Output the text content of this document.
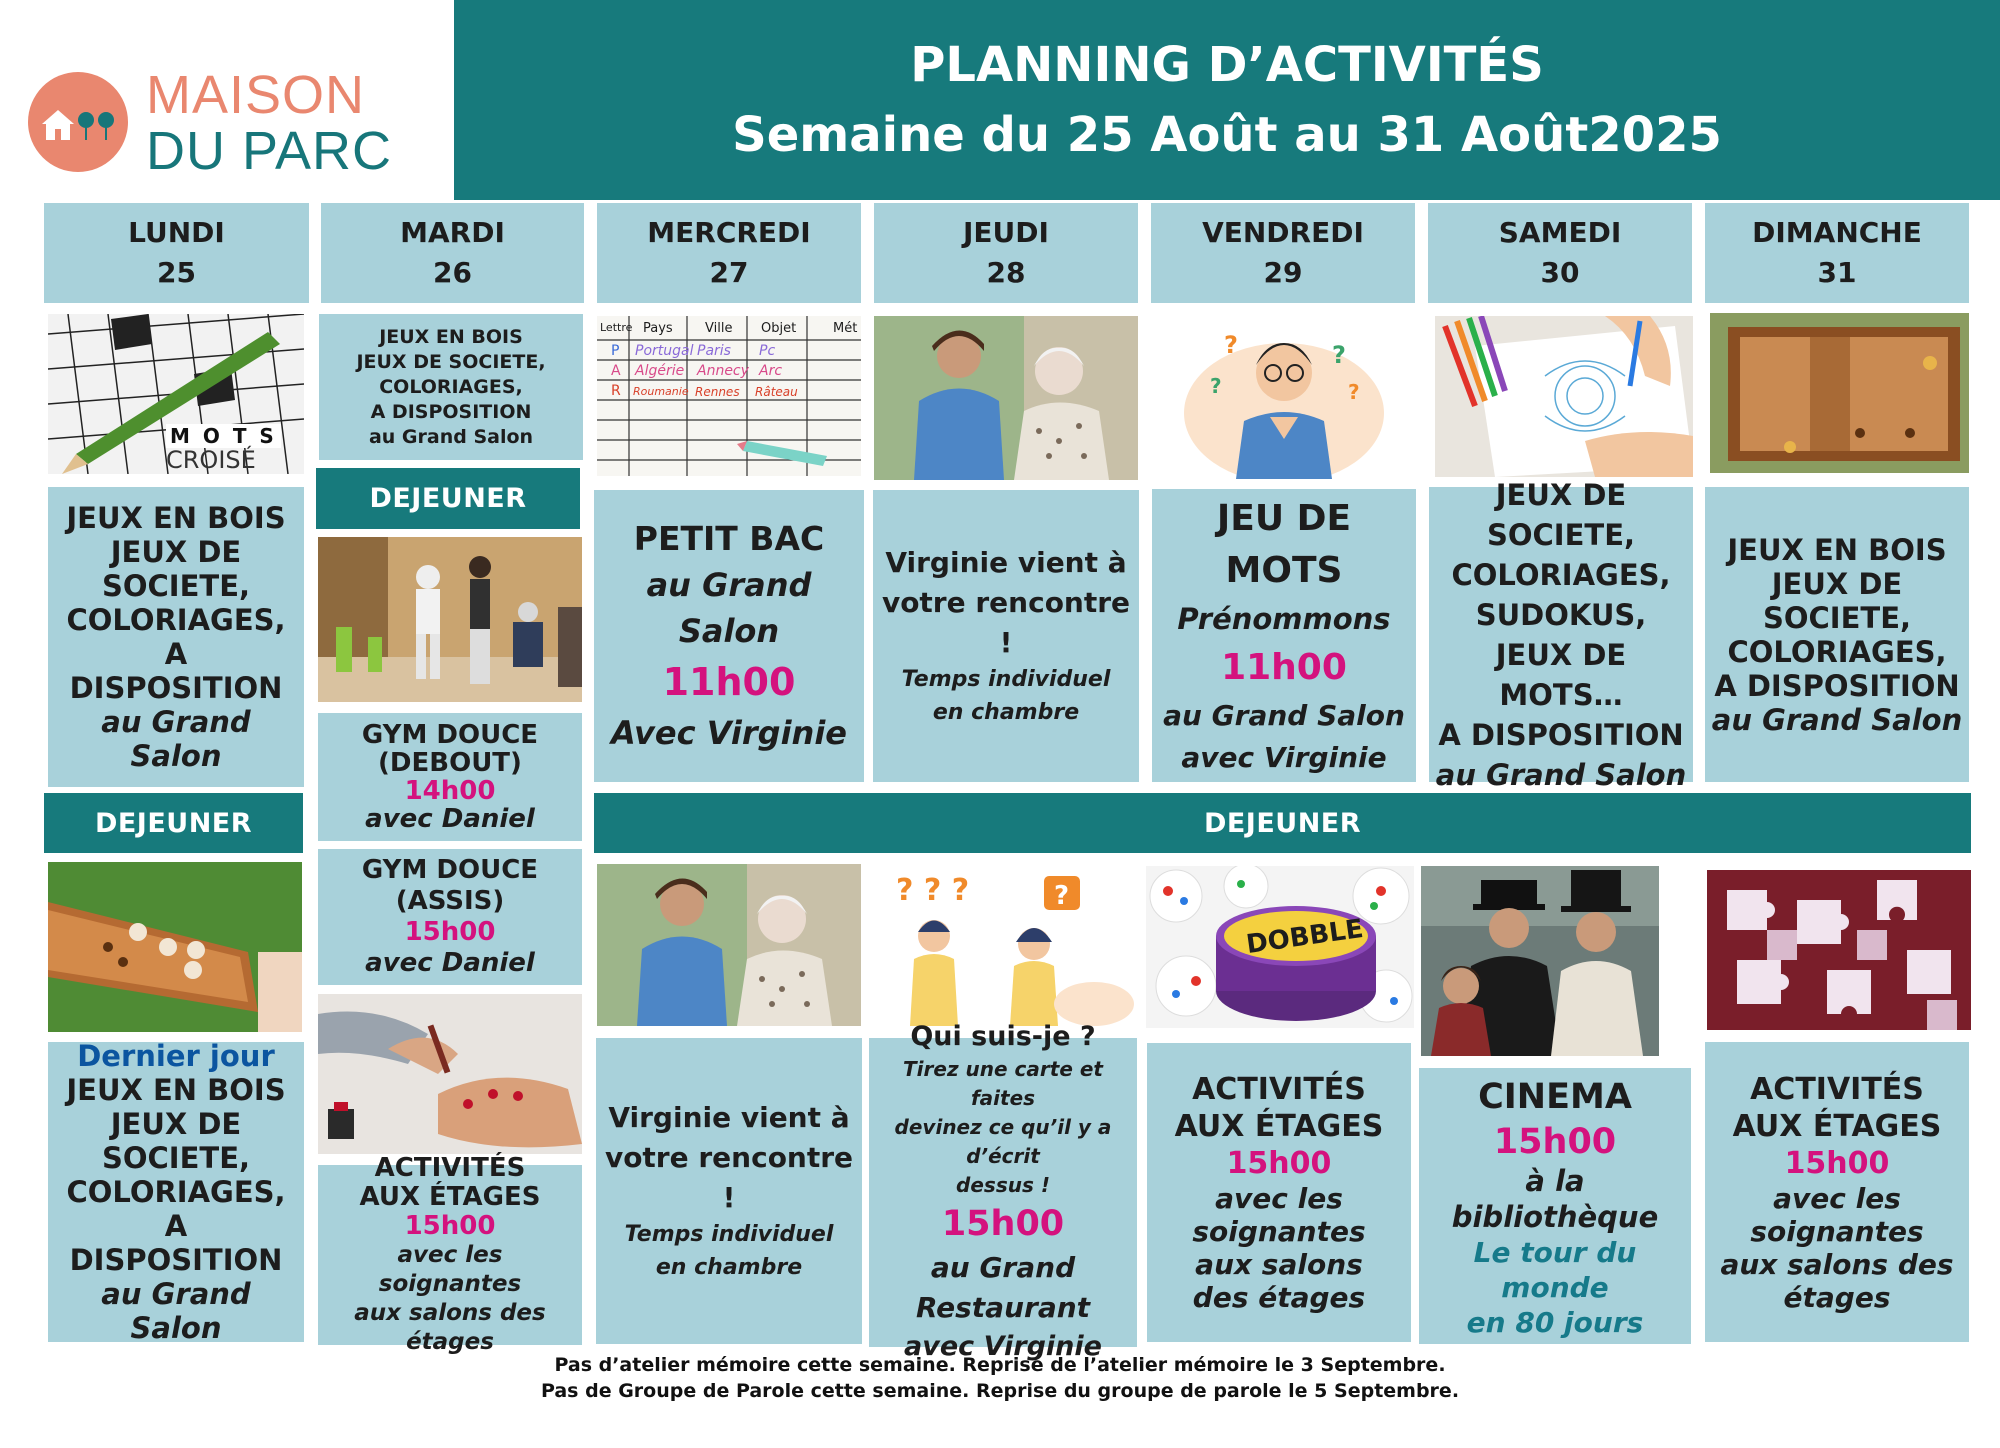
MAISON
DU PARC
PLANNING D’ACTIVITÉS
Semaine du 25 Août au 31 Août2025
LUNDI
25
MARDI
26
MERCREDI
27
JEUDI
28
VENDREDI
29
SAMEDI
30
DIMANCHE
31
M O T S
CROISÉ
JEUX EN BOIS
JEUX DE
SOCIETE,
COLORIAGES,
A DISPOSITION
au Grand Salon
DEJEUNER
Dernier jour
JEUX EN BOIS
JEUX DE
SOCIETE,
COLORIAGES,
A DISPOSITION
au Grand Salon
JEUX EN BOIS
JEUX DE SOCIETE,
COLORIAGES,
A DISPOSITION
au Grand Salon
DEJEUNER
GYM DOUCE
(DEBOUT)
14h00
avec Daniel
GYM DOUCE
(ASSIS)
15h00
avec Daniel
ACTIVITÉS
AUX ÉTAGES
15h00
avec les soignantes
aux salons des étages
Lettre Pays Ville Objet	Mét
P Portugal Paris Pc
A Algérie Annecy Arc
R Roumanie Rennes Râteau
PETIT BAC
au Grand Salon
11h00
Avec Virginie
DEJEUNER
Virginie vient à
votre rencontre !
Temps individuel
en chambre
Virginie vient à
votre rencontre !
Temps individuel
en chambre
? ? ?	?
Qui suis-je ?
Tirez une carte et faites
devinez ce qu’il y a d’écrit
dessus !
15h00
au Grand
Restaurant
avec Virginie
?
?
?
?
JEU DE MOTS
Prénommons
11h00
au Grand Salon
avec Virginie
DOBBLE
ACTIVITÉS
AUX ÉTAGES
15h00
avec les
soignantes
aux salons
des étages
JEUX DE SOCIETE,
COLORIAGES,
SUDOKUS,
JEUX DE MOTS…
A DISPOSITION
au Grand Salon
CINEMA
15h00
à la bibliothèque
Le tour du monde
en 80 jours
JEUX EN BOIS
JEUX DE
SOCIETE,
COLORIAGES,
A DISPOSITION
au Grand Salon
ACTIVITÉS
AUX ÉTAGES
15h00
avec les
soignantes
aux salons des
étages
Pas d’atelier mémoire cette semaine. Reprise de l’atelier mémoire le 3 Septembre.
Pas de Groupe de Parole cette semaine. Reprise du groupe de parole le 5 Septembre.
